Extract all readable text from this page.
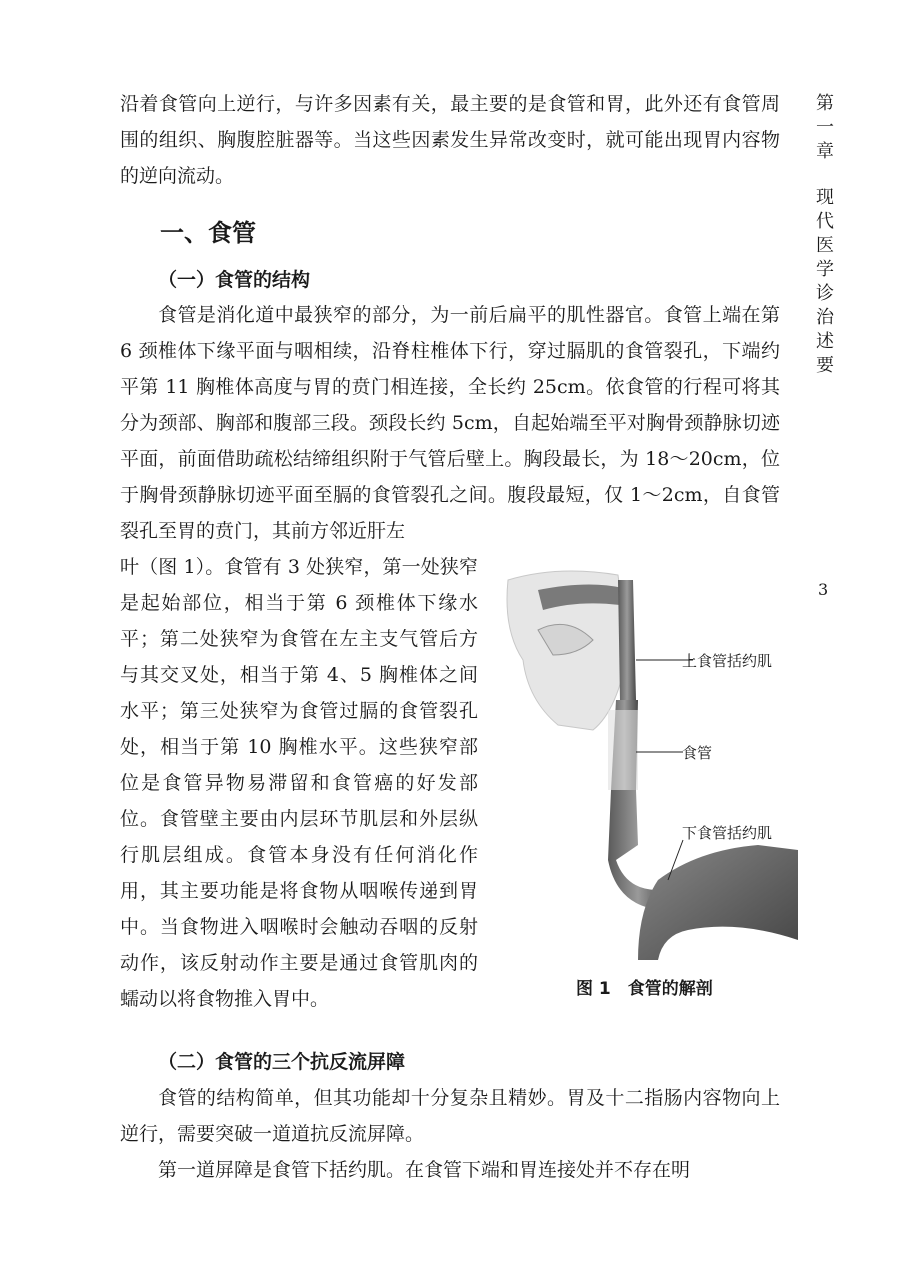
第一章
现代医学诊治述要
3

沿着食管向上逆行，与许多因素有关，最主要的是食管和胃，此外还有食管周围的组织、胸腹腔脏器等。当这些因素发生异常改变时，就可能出现胃内容物的逆向流动。

一、食管
（一）食管的结构

食管是消化道中最狭窄的部分，为一前后扁平的肌性器官。食管上端在第 6 颈椎体下缘平面与咽相续，沿脊柱椎体下行，穿过膈肌的食管裂孔，下端约平第 11 胸椎体高度与胃的贲门相连接，全长约 25cm。依食管的行程可将其分为颈部、胸部和腹部三段。颈段长约 5cm，自起始端至平对胸骨颈静脉切迹平面，前面借助疏松结缔组织附于气管后壁上。胸段最长，为 18～20cm，位于胸骨颈静脉切迹平面至膈的食管裂孔之间。腹段最短，仅 1～2cm，自食管裂孔至胃的贲门，其前方邻近肝左

叶（图 1）。食管有 3 处狭窄，第一处狭窄是起始部位，相当于第 6 颈椎体下缘水平；第二处狭窄为食管在左主支气管后方与其交叉处，相当于第 4、5 胸椎体之间水平；第三处狭窄为食管过膈的食管裂孔处，相当于第 10 胸椎水平。这些狭窄部位是食管异物易滞留和食管癌的好发部位。食管壁主要由内层环节肌层和外层纵行肌层组成。食管本身没有任何消化作用，其主要功能是将食物从咽喉传递到胃中。当食物进入咽喉时会触动吞咽的反射动作，该反射动作主要是通过食管肌肉的蠕动以将食物推入胃中。

上食管括约肌
食管
下食管括约肌
图 1　食管的解剖
（二）食管的三个抗反流屏障

食管的结构简单，但其功能却十分复杂且精妙。胃及十二指肠内容物向上逆行，需要突破一道道抗反流屏障。

第一道屏障是食管下括约肌。在食管下端和胃连接处并不存在明
